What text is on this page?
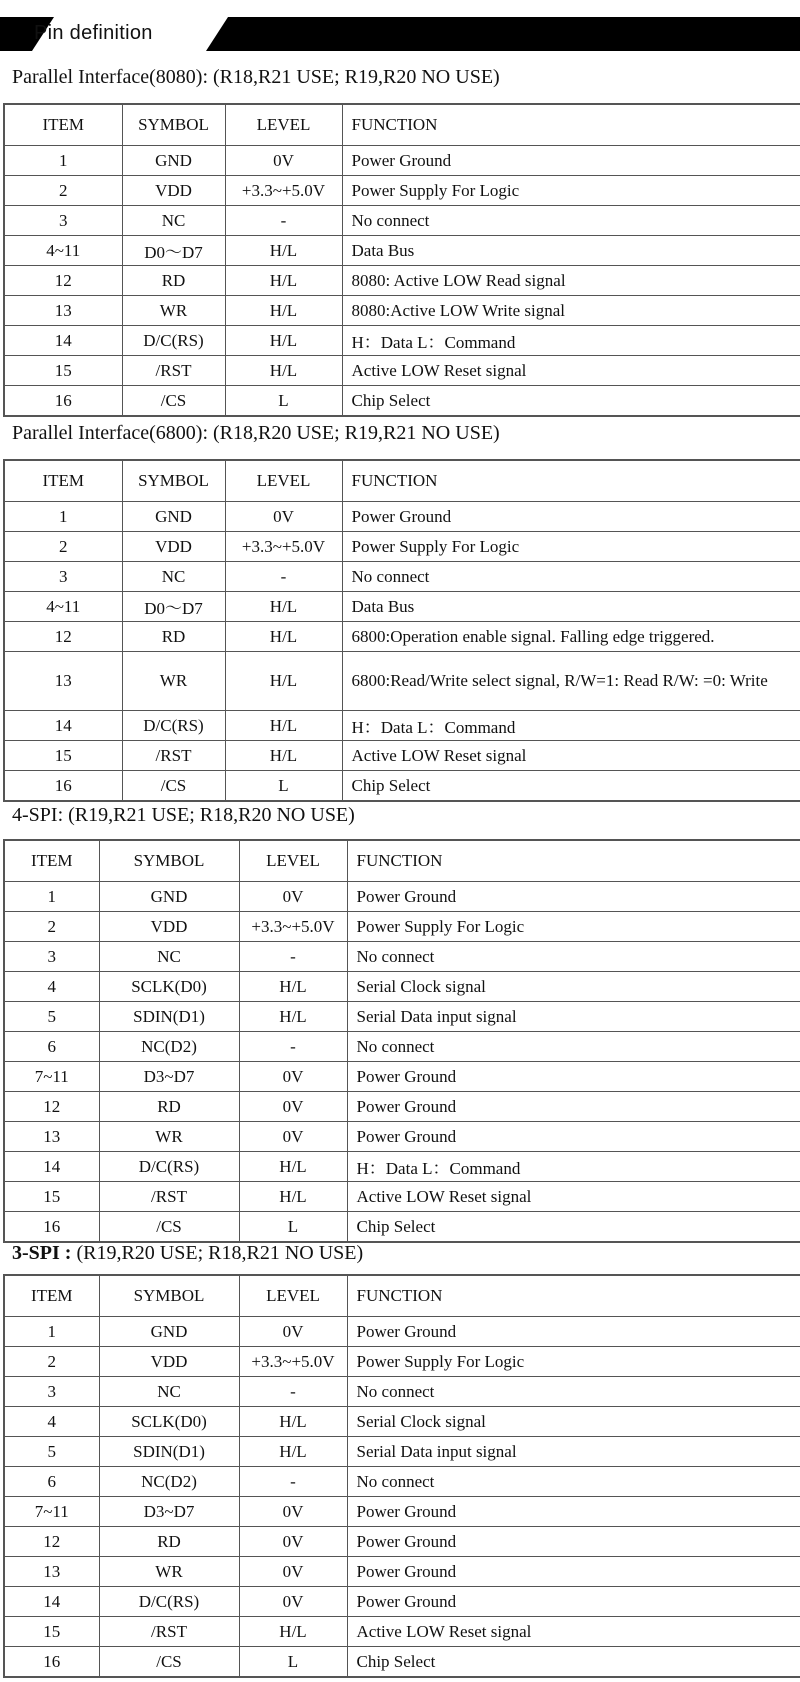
Pin definition
Parallel Interface(8080): (R18,R21 USE; R19,R20 NO USE)
ITEM	SYMBOL	LEVEL	FUNCTION
1	GND	0V	Power Ground
2	VDD	+3.3~+5.0V	Power Supply For Logic
3	NC	-	No connect
4~11	D0～D7	H/L	Data Bus
12	RD	H/L	8080: Active LOW Read signal
13	WR	H/L	8080:Active LOW Write signal
14	D/C(RS)	H/L	H：Data L：Command
15	/RST	H/L	Active LOW Reset signal
16	/CS	L	Chip Select
Parallel Interface(6800): (R18,R20 USE; R19,R21 NO USE)
ITEM	SYMBOL	LEVEL	FUNCTION
1	GND	0V	Power Ground
2	VDD	+3.3~+5.0V	Power Supply For Logic
3	NC	-	No connect
4~11	D0～D7	H/L	Data Bus
12	RD	H/L	6800:Operation enable signal. Falling edge triggered.
13	WR	H/L	6800:Read/Write select signal, R/W=1: Read R/W: =0: Write
14	D/C(RS)	H/L	H：Data L：Command
15	/RST	H/L	Active LOW Reset signal
16	/CS	L	Chip Select
4-SPI: (R19,R21 USE; R18,R20 NO USE)
ITEM	SYMBOL	LEVEL	FUNCTION
1	GND	0V	Power Ground
2	VDD	+3.3~+5.0V	Power Supply For Logic
3	NC	-	No connect
4	SCLK(D0)	H/L	Serial Clock signal
5	SDIN(D1)	H/L	Serial Data input signal
6	NC(D2)	-	No connect
7~11	D3~D7	0V	Power Ground
12	RD	0V	Power Ground
13	WR	0V	Power Ground
14	D/C(RS)	H/L	H：Data L：Command
15	/RST	H/L	Active LOW Reset signal
16	/CS	L	Chip Select
3-SPI : (R19,R20 USE; R18,R21 NO USE)
ITEM	SYMBOL	LEVEL	FUNCTION
1	GND	0V	Power Ground
2	VDD	+3.3~+5.0V	Power Supply For Logic
3	NC	-	No connect
4	SCLK(D0)	H/L	Serial Clock signal
5	SDIN(D1)	H/L	Serial Data input signal
6	NC(D2)	-	No connect
7~11	D3~D7	0V	Power Ground
12	RD	0V	Power Ground
13	WR	0V	Power Ground
14	D/C(RS)	0V	Power Ground
15	/RST	H/L	Active LOW Reset signal
16	/CS	L	Chip Select
